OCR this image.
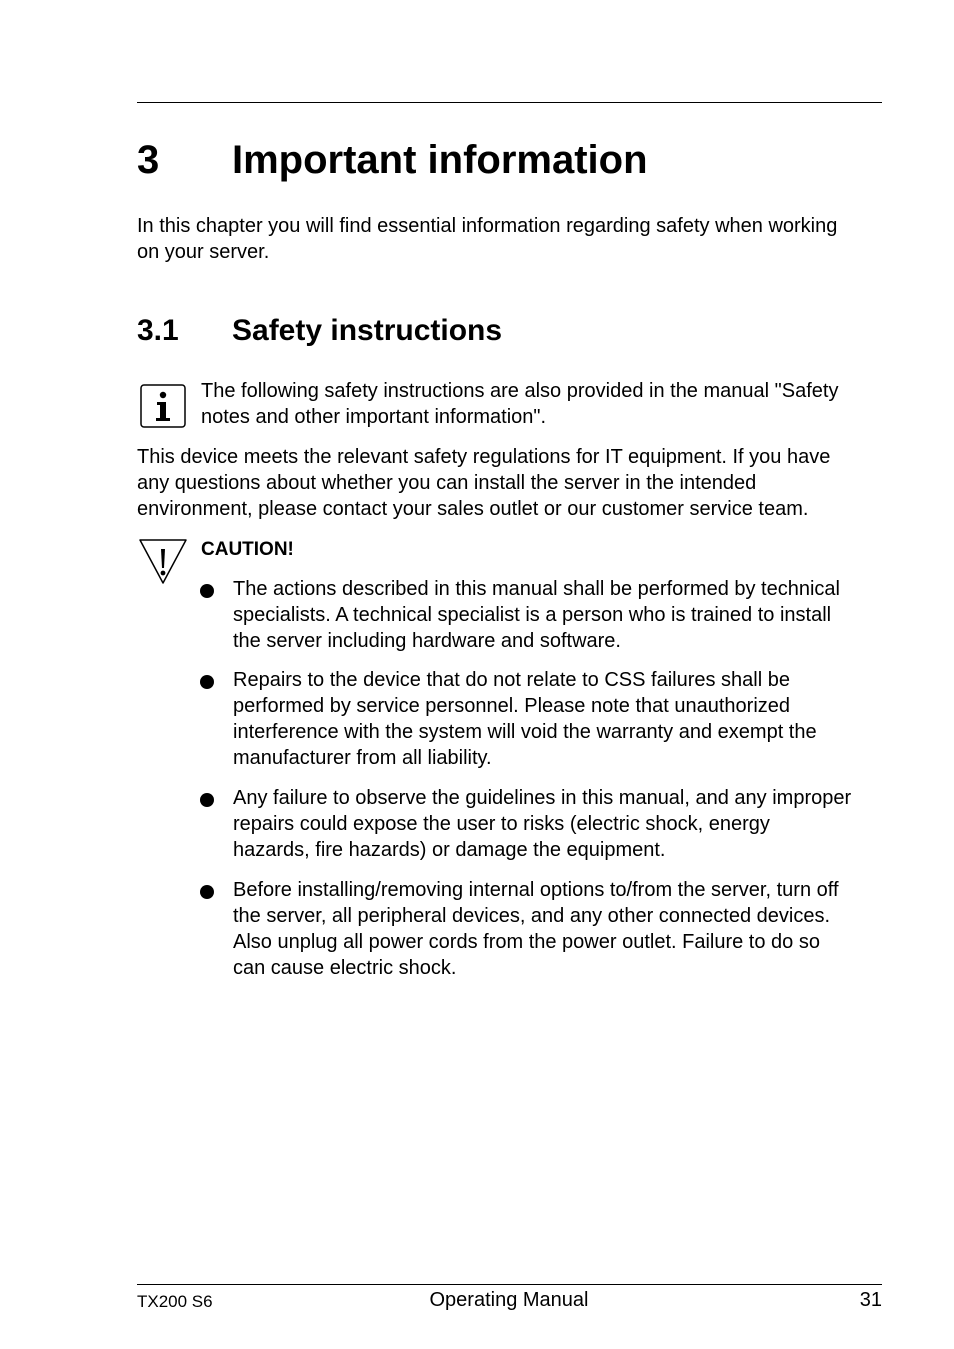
3 Important information

In this chapter you will find essential information regarding safety when working
on your server.

3.1 Safety instructions

The following safety instructions are also provided in the manual "Safety
notes and other important information".

This device meets the relevant safety regulations for IT equipment. If you have
any questions about whether you can install the server in the intended
environment, please contact your sales outlet or our customer service team.

CAUTION!

The actions described in this manual shall be performed by technical
specialists. A technical specialist is a person who is trained to install
the server including hardware and software.

Repairs to the device that do not relate to CSS failures shall be
performed by service personnel. Please note that unauthorized
interference with the system will void the warranty and exempt the
manufacturer from all liability.

Any failure to observe the guidelines in this manual, and any improper
repairs could expose the user to risks (electric shock, energy
hazards, fire hazards) or damage the equipment.

Before installing/removing internal options to/from the server, turn off
the server, all peripheral devices, and any other connected devices.
Also unplug all power cords from the power outlet. Failure to do so
can cause electric shock.

TX200 S6	Operating Manual	31
